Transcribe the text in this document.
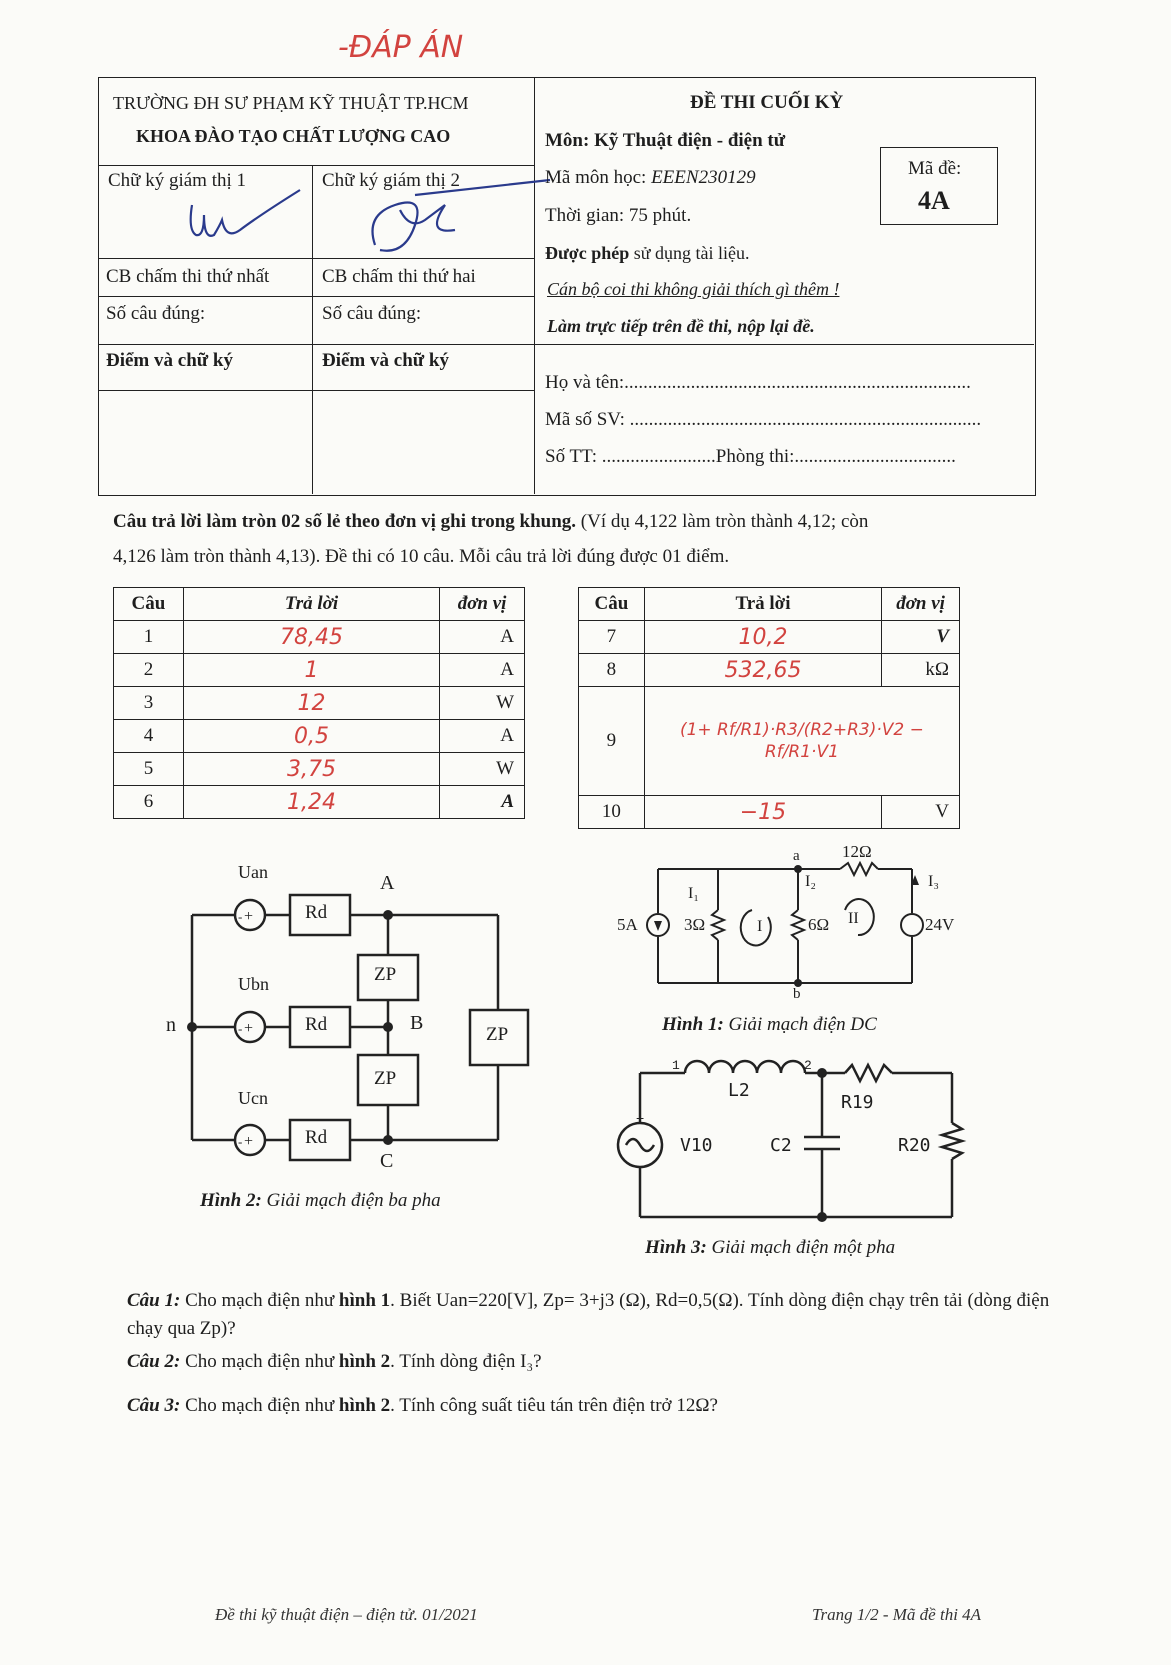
-ĐÁP ÁN
TRƯỜNG ĐH SƯ PHẠM KỸ THUẬT TP.HCM
KHOA ĐÀO TẠO CHẤT LƯỢNG CAO
Chữ ký giám thị 1	Chữ ký giám thị 2
CB chấm thi thứ nhất	CB chấm thi thứ hai
Số câu đúng:	Số câu đúng:
Điểm và chữ ký	Điểm và chữ ký
ĐỀ THI CUỐI KỲ
Môn: Kỹ Thuật điện - điện tử
Mã môn học: EEEN230129
Thời gian: 75 phút.
Được phép sử dụng tài liệu.
Cán bộ coi thi không giải thích gì thêm !
Làm trực tiếp trên đề thi, nộp lại đề.
Mã đề:
4A
Họ và tên:.........................................................................
Mã số SV: ..........................................................................
Số TT: ........................Phòng thi:..................................
Câu trả lời làm tròn 02 số lẻ theo đơn vị ghi trong khung. (Ví dụ 4,122 làm tròn thành 4,12; còn
4,126 làm tròn thành 4,13). Đề thi có 10 câu. Mỗi câu trả lời đúng được 01 điểm.
Câu	Trả lời	đơn vị
1	78,45	A
2	1	A
3	12	W
4	0,5	A
5	3,75	W
6	1,24	A
Câu	Trả lời	đơn vị
7	10,2	V
8	532,65	kΩ
9	(1+ Rf/R1)·R3/(R2+R3)·V2 − Rf/R1·V1	
10	−15	V
+
-
+
-
+
-
Uan
Ubn
Ucn
Rd
Rd
Rd
ZP
ZP
ZP
A
B
C
n
Hình 2: Giải mạch điện ba pha
a
b
12Ω
5A	3Ω	6Ω	24V
I₁
I₂	I₃
I	II
Hình 1: Giải mạch điện DC
+
1	2
L2
R19
V10	C2	R20
Hình 3: Giải mạch điện một pha
Câu 1: Cho mạch điện như hình 1. Biết Uan=220[V], Zp= 3+j3 (Ω), Rd=0,5(Ω). Tính dòng điện chạy trên tải (dòng điện chạy qua Zp)?
Câu 2: Cho mạch điện như hình 2. Tính dòng điện I₃?
Câu 3: Cho mạch điện như hình 2. Tính công suất tiêu tán trên điện trở 12Ω?
Đề thi kỹ thuật điện – điện tử. 01/2021	Trang 1/2 - Mã đề thi 4A
